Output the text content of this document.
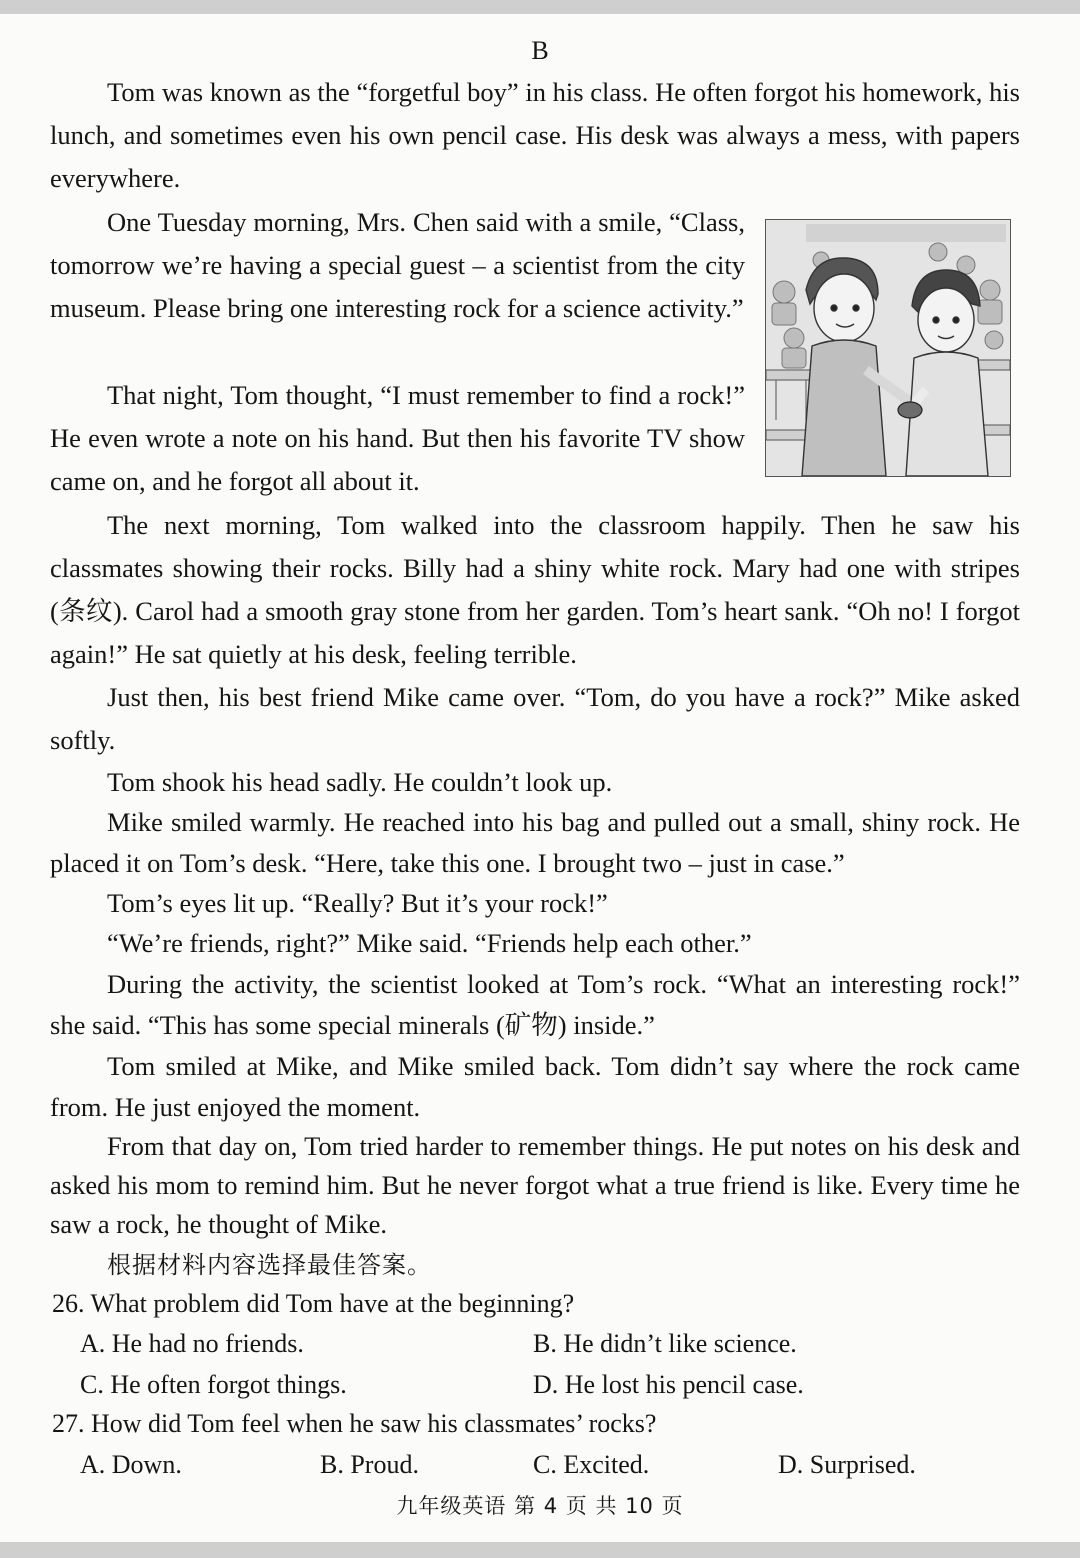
B

Tom was known as the “forgetful boy” in his class. He often forgot his homework, his lunch, and sometimes even his own pencil case. His desk was always a mess, with papers everywhere.

One Tuesday morning, Mrs. Chen said with a smile, “Class, tomorrow we’re having a special guest – a scientist from the city museum. Please bring one interesting rock for a science activity.”

That night, Tom thought, “I must remember to find a rock!” He even wrote a note on his hand. But then his favorite TV show came on, and he forgot all about it.

The next morning, Tom walked into the classroom happily. Then he saw his classmates showing their rocks. Billy had a shiny white rock. Mary had one with stripes (条纹). Carol had a smooth gray stone from her garden. Tom’s heart sank. “Oh no! I forgot again!” He sat quietly at his desk, feeling terrible.

Just then, his best friend Mike came over. “Tom, do you have a rock?” Mike asked softly.

Tom shook his head sadly. He couldn’t look up.

Mike smiled warmly. He reached into his bag and pulled out a small, shiny rock. He placed it on Tom’s desk. “Here, take this one. I brought two – just in case.”

Tom’s eyes lit up. “Really? But it’s your rock!”

“We’re friends, right?” Mike said. “Friends help each other.”

During the activity, the scientist looked at Tom’s rock. “What an interesting rock!” she said. “This has some special minerals (矿物) inside.”

Tom smiled at Mike, and Mike smiled back. Tom didn’t say where the rock came from. He just enjoyed the moment.

From that day on, Tom tried harder to remember things. He put notes on his desk and asked his mom to remind him. But he never forgot what a true friend is like. Every time he saw a rock, he thought of Mike.

根据材料内容选择最佳答案。
26. What problem did Tom have at the beginning?
A. He had no friends.	B. He didn’t like science.
C. He often forgot things.	D. He lost his pencil case.
27. How did Tom feel when he saw his classmates’ rocks?
A. Down.	B. Proud.	C. Excited.	D. Surprised.
九年级英语 第 4 页 共 10 页
